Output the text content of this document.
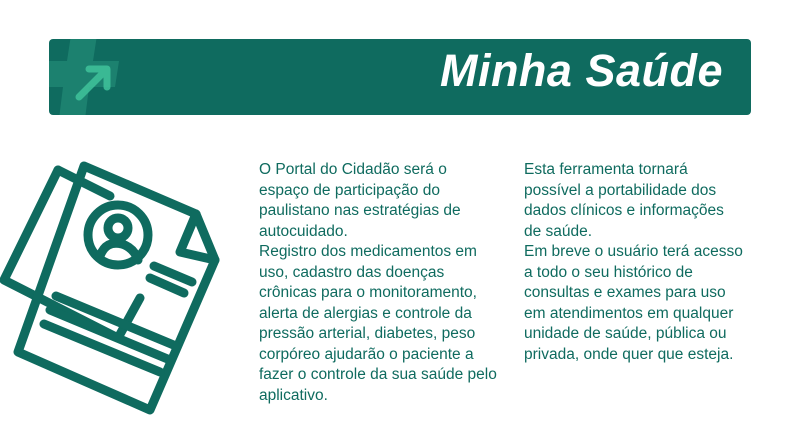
Minha Saúde

O Portal do Cidadão será o espaço de participação do paulistano nas estratégias de autocuidado.

Registro dos medicamentos em uso, cadastro das doenças crônicas para o monitoramento, alerta de alergias e controle da pressão arterial, diabetes, peso corpóreo ajudarão o paciente a fazer o controle da sua saúde pelo aplicativo.

Esta ferramenta tornará possível a portabilidade dos dados clínicos e informações de saúde.

Em breve o usuário terá acesso a todo o seu histórico de consultas e exames para uso em atendimentos em qualquer unidade de saúde, pública ou privada, onde quer que esteja.
